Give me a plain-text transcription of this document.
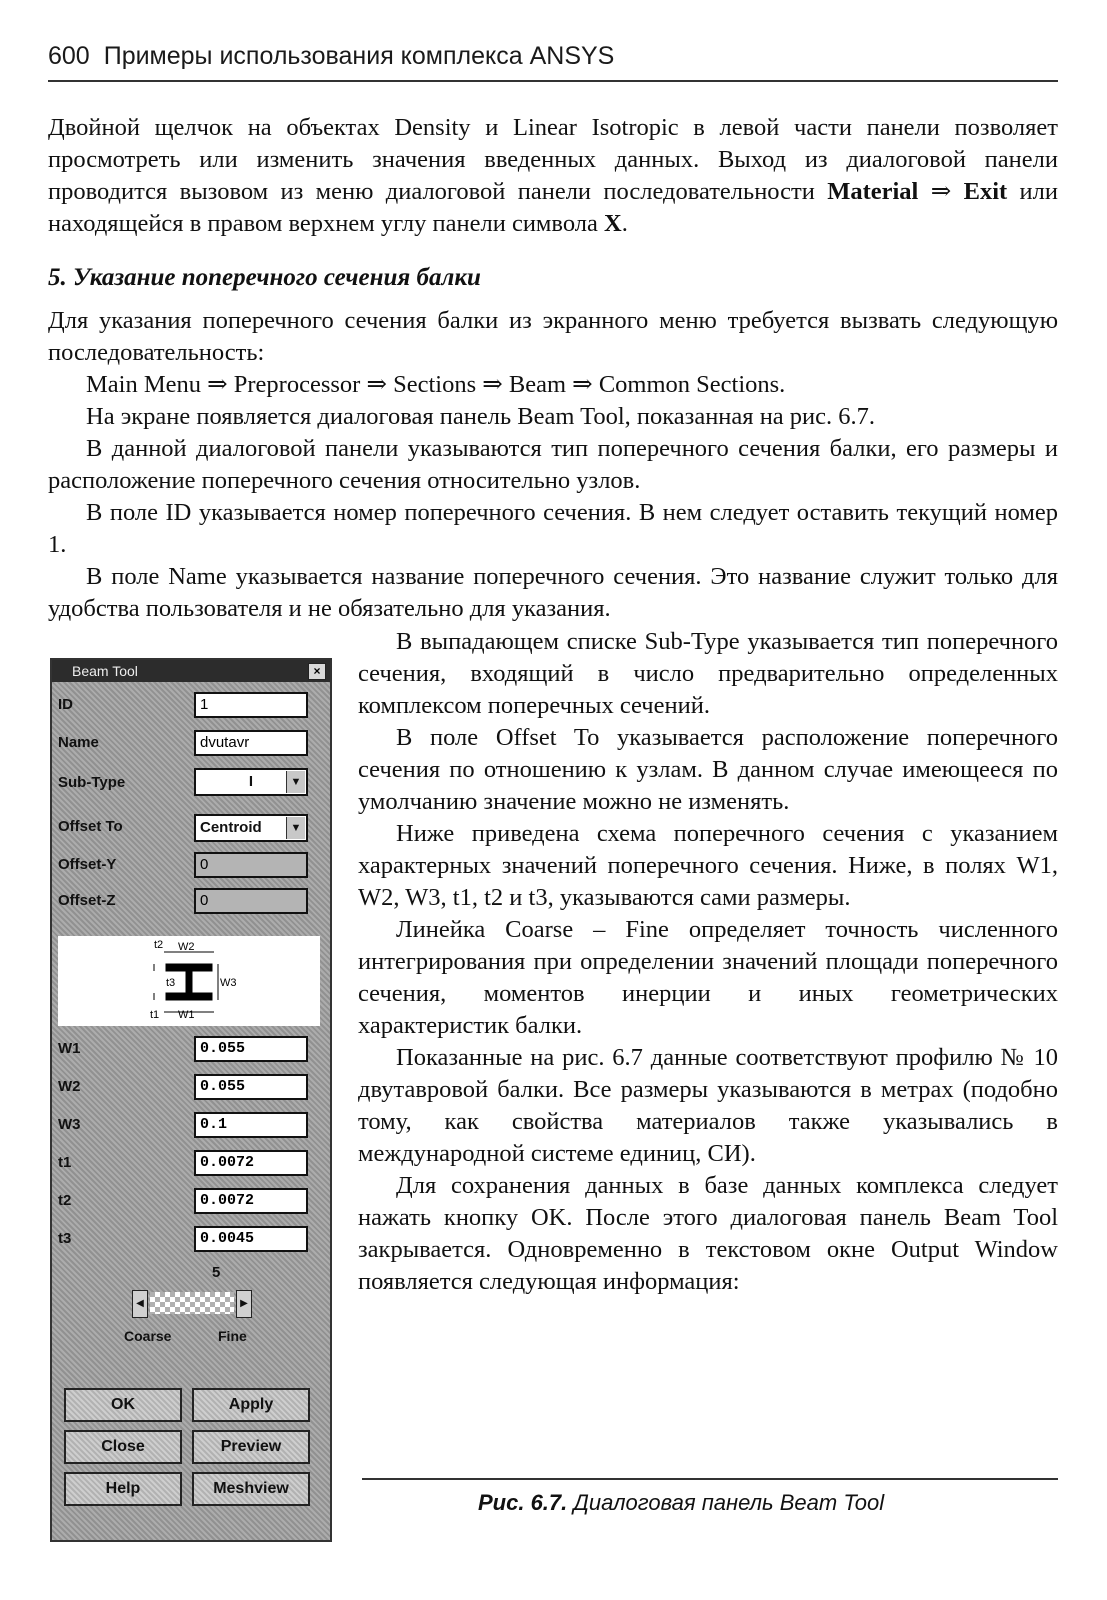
600 Примеры использования комплекса ANSYS
Двойной щелчок на объектах Density и Linear Isotropic в левой части панели позволяет просмотреть или изменить значения введенных данных. Выход из диалоговой панели проводится вызовом из меню диалоговой панели последовательности Material ⇒ Exit или находящейся в правом верхнем углу панели символа X.
5. Указание поперечного сечения балки
Для указания поперечного сечения балки из экранного меню требуется вызвать следующую последовательность:
Main Menu ⇒ Preprocessor ⇒ Sections ⇒ Beam ⇒ Common Sections.
На экране появляется диалоговая панель Beam Tool, показанная на рис. 6.7.
В данной диалоговой панели указываются тип поперечного сечения балки, его размеры и расположение поперечного сечения относительно узлов.
В поле ID указывается номер поперечного сечения. В нем следует оставить текущий номер 1.
В поле Name указывается название поперечного сечения. Это название служит только для удобства пользователя и не обязательно для указания.
В выпадающем списке Sub-Type указывается тип поперечного сечения, входящий в число предварительно определенных комплексом поперечных сечений.
В поле Offset To указывается расположение поперечного сечения по отношению к узлам. В данном случае имеющееся по умолчанию значение можно не изменять.
Ниже приведена схема поперечного сечения с указанием характерных значений поперечного сечения. Ниже, в полях W1, W2, W3, t1, t2 и t3, указываются сами размеры.
Линейка Coarse – Fine определяет точность численного интегрирования при определении значений площади поперечного сечения, моментов инерции и иных геометрических характеристик балки.
Показанные на рис. 6.7 данные соответствуют профилю № 10 двутавровой балки. Все размеры указываются в метрах (подобно тому, как свойства материалов также указывались в международной системе единиц, СИ).
Для сохранения данных в базе данных комплекса следует нажать кнопку OK. После этого диалоговая панель Beam Tool закрывается. Одновременно в текстовом окне Output Window появляется следующая информация:
Beam Tool	×
ID	1
Name	dvutavr
Sub-Type	I	▼
Offset To	Centroid	▼
Offset-Y	0
Offset-Z	0
t2 W2
t3	W3
t1 W1
W1	0.055
W2	0.055
W3	0.1
t1	0.0072
t2	0.0072
t3	0.0045
5
◀	▶
Coarse	Fine
OK	Apply
Close	Preview
Help	Meshview
Рис. 6.7. Диалоговая панель Beam Tool
